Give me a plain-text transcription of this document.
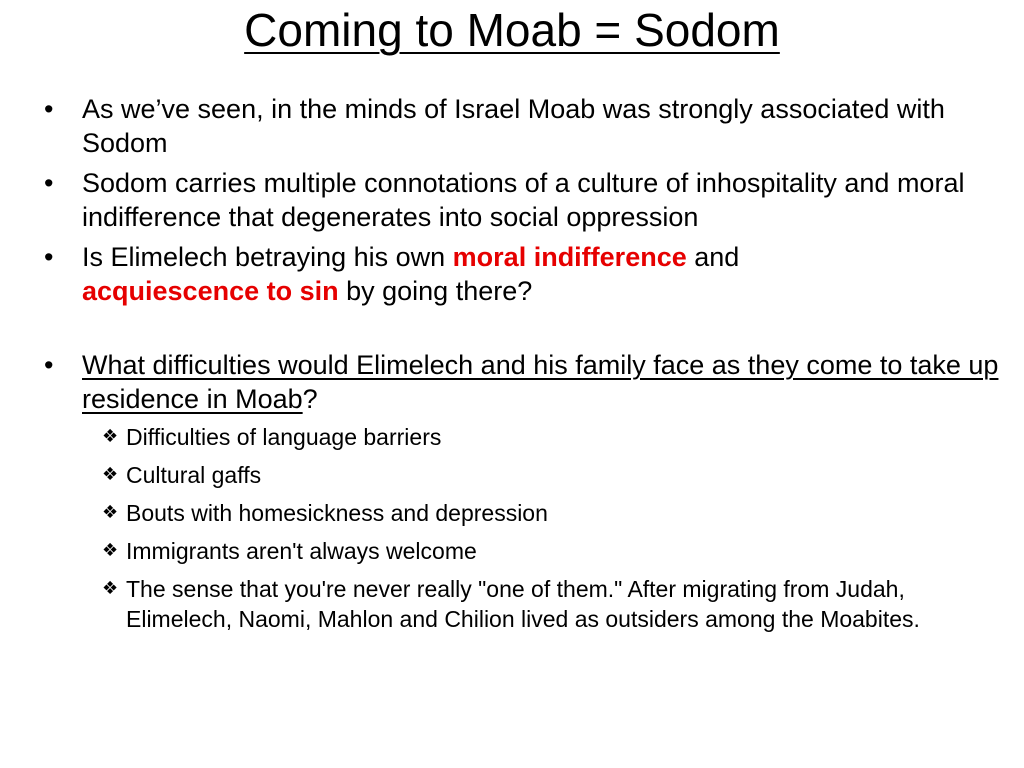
Coming to Moab = Sodom
•	As we’ve seen, in the minds of Israel Moab was strongly associated with Sodom
•	Sodom carries multiple connotations of a culture of inhospitality and moral indifference that degenerates into social oppression
•	Is Elimelech betraying his own moral indifference and
acquiescence to sin by going there?
•	What difficulties would Elimelech and his family face as they come to take up residence in Moab?
❖ Difficulties of language barriers
❖ Cultural gaffs
❖ Bouts with homesickness and depression
❖ Immigrants aren't always welcome
❖ The sense that you're never really "one of them." After migrating from Judah, Elimelech, Naomi, Mahlon and Chilion lived as outsiders among the Moabites.
